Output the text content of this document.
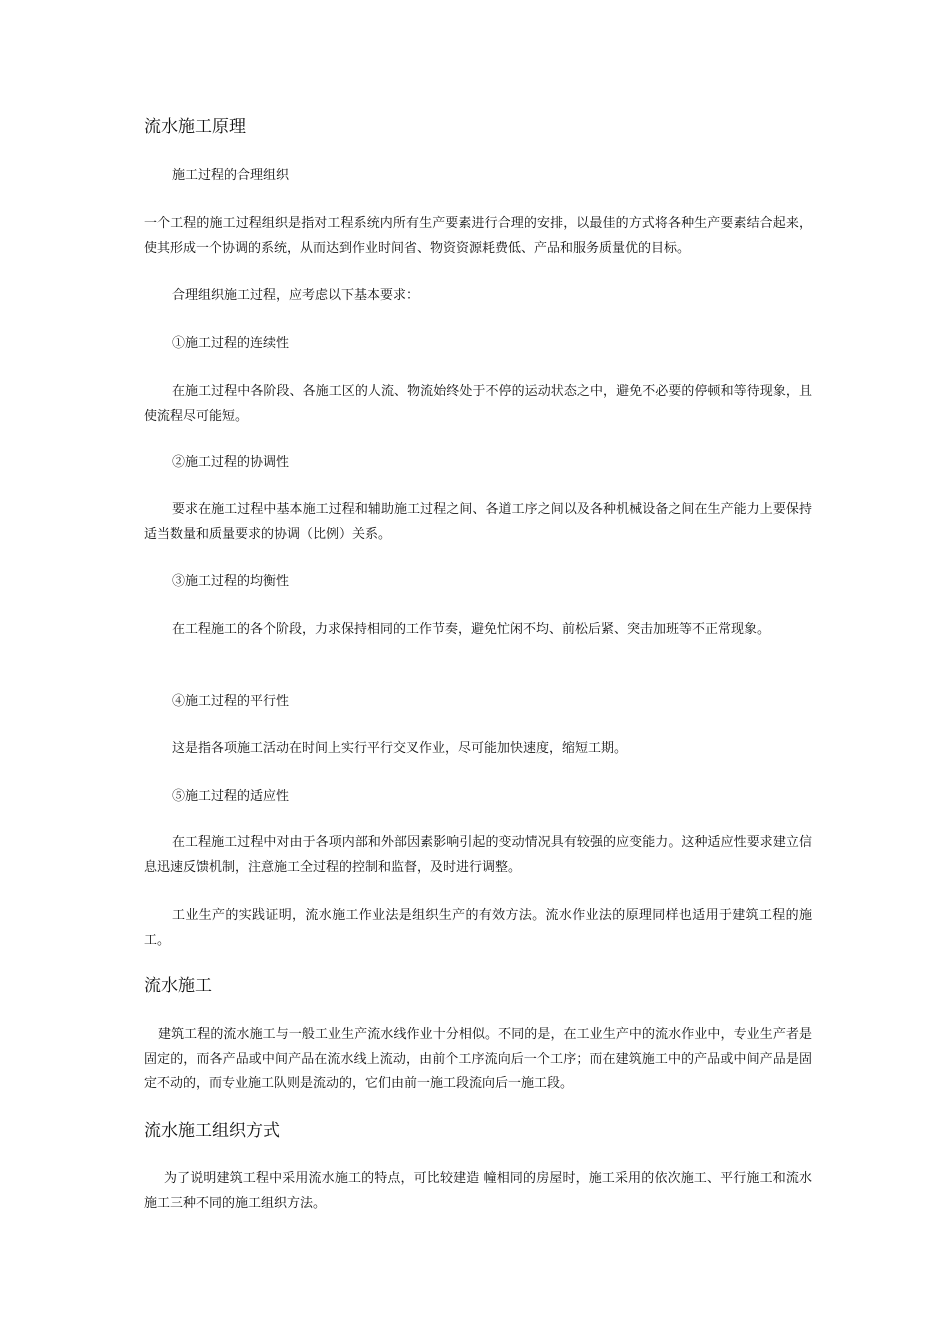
流水施工原理
施工过程的合理组织
一个工程的施工过程组织是指对工程系统内所有生产要素进行合理的安排，以最佳的方式将各种生产要素结合起来，使其形成一个协调的系统，从而达到作业时间省、物资资源耗费低、产品和服务质量优的目标。
合理组织施工过程，应考虑以下基本要求：
①施工过程的连续性
在施工过程中各阶段、各施工区的人流、物流始终处于不停的运动状态之中，避免不必要的停顿和等待现象，且使流程尽可能短。
②施工过程的协调性
要求在施工过程中基本施工过程和辅助施工过程之间、各道工序之间以及各种机械设备之间在生产能力上要保持适当数量和质量要求的协调（比例）关系。
③施工过程的均衡性
在工程施工的各个阶段，力求保持相同的工作节奏，避免忙闲不均、前松后紧、突击加班等不正常现象。
④施工过程的平行性
这是指各项施工活动在时间上实行平行交叉作业，尽可能加快速度，缩短工期。
⑤施工过程的适应性
在工程施工过程中对由于各项内部和外部因素影响引起的变动情况具有较强的应变能力。这种适应性要求建立信息迅速反馈机制，注意施工全过程的控制和监督，及时进行调整。
工业生产的实践证明，流水施工作业法是组织生产的有效方法。流水作业法的原理同样也适用于建筑工程的施工。
流水施工
建筑工程的流水施工与一般工业生产流水线作业十分相似。不同的是，在工业生产中的流水作业中，专业生产者是固定的，而各产品或中间产品在流水线上流动，由前个工序流向后一个工序；而在建筑施工中的产品或中间产品是固定不动的，而专业施工队则是流动的，它们由前一施工段流向后一施工段。
流水施工组织方式
为了说明建筑工程中采用流水施工的特点，可比较建造 幢相同的房屋时，施工采用的依次施工、平行施工和流水施工三种不同的施工组织方法。
